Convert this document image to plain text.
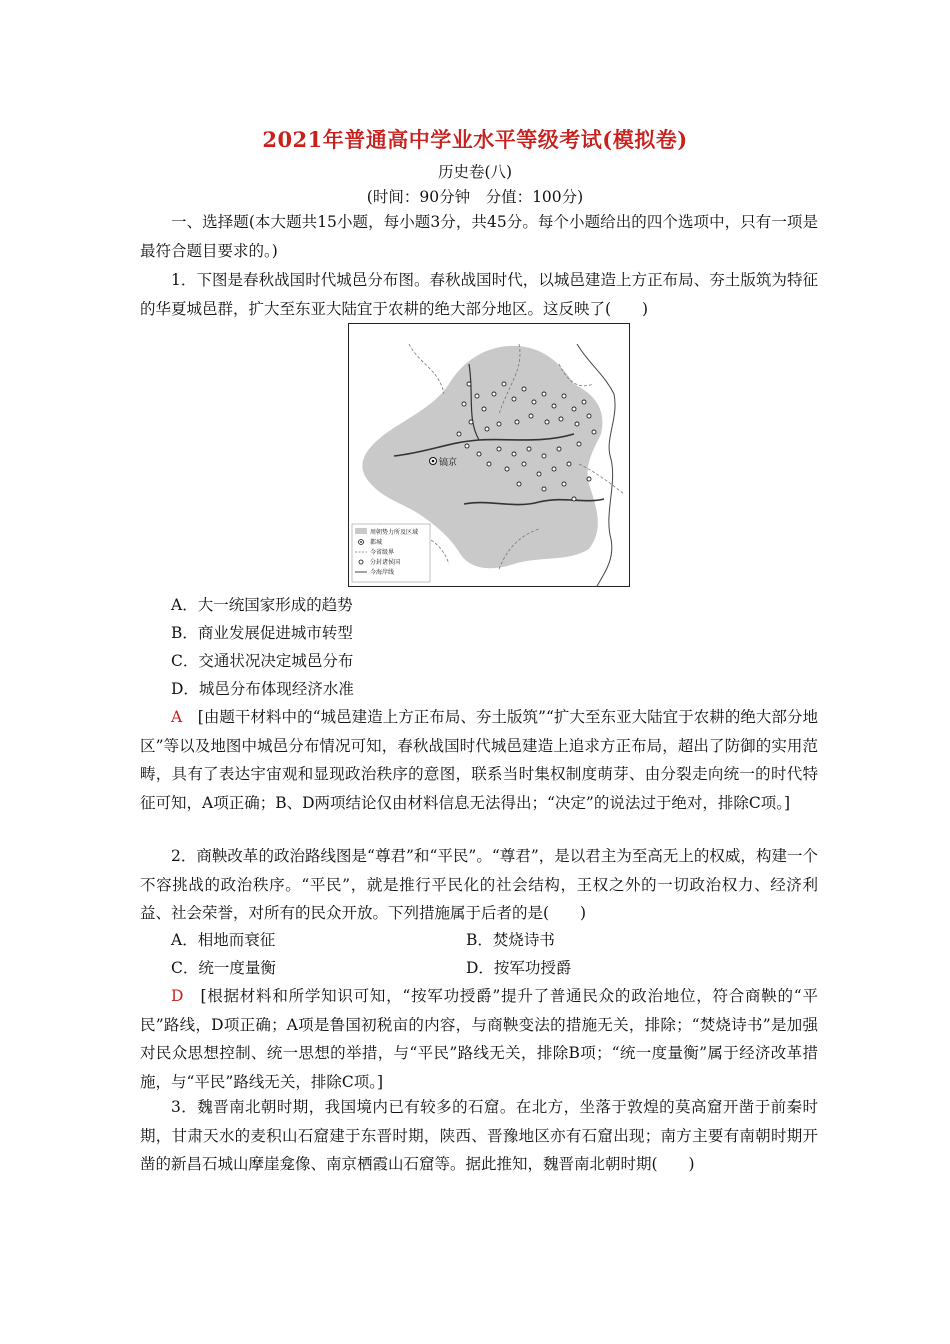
2021年普通高中学业水平等级考试(模拟卷)
历史卷(八)
(时间：90分钟　分值：100分)
一、选择题(本大题共15小题，每小题3分，共45分。每个小题给出的四个选项中，只有一项是最符合题目要求的。)
1．下图是春秋战国时代城邑分布图。春秋战国时代，以城邑建造上方正布局、夯土版筑为特征的华夏城邑群，扩大至东亚大陆宜于农耕的绝大部分地区。这反映了(　　)
镐京
周朝势力所及区域
都城
今省级界
分封诸侯国
今海岸线
A．大一统国家形成的趋势
B．商业发展促进城市转型
C．交通状况决定城邑分布
D．城邑分布体现经济水准
A　[由题干材料中的“城邑建造上方正布局、夯土版筑”“扩大至东亚大陆宜于农耕的绝大部分地区”等以及地图中城邑分布情况可知，春秋战国时代城邑建造上追求方正布局，超出了防御的实用范畴，具有了表达宇宙观和显现政治秩序的意图，联系当时集权制度萌芽、由分裂走向统一的时代特征可知，A项正确；B、D两项结论仅由材料信息无法得出；“决定”的说法过于绝对，排除C项。]
2．商鞅改革的政治路线图是“尊君”和“平民”。“尊君”，是以君主为至高无上的权威，构建一个不容挑战的政治秩序。“平民”，就是推行平民化的社会结构，王权之外的一切政治权力、经济利益、社会荣誉，对所有的民众开放。下列措施属于后者的是(　　)
A．相地而衰征	B．焚烧诗书
C．统一度量衡	D．按军功授爵
D　[根据材料和所学知识可知，“按军功授爵”提升了普通民众的政治地位，符合商鞅的“平民”路线，D项正确；A项是鲁国初税亩的内容，与商鞅变法的措施无关，排除；“焚烧诗书”是加强对民众思想控制、统一思想的举措，与“平民”路线无关，排除B项；“统一度量衡”属于经济改革措施，与“平民”路线无关，排除C项。]
3．魏晋南北朝时期，我国境内已有较多的石窟。在北方，坐落于敦煌的莫高窟开凿于前秦时期，甘肃天水的麦积山石窟建于东晋时期，陕西、晋豫地区亦有石窟出现；南方主要有南朝时期开凿的新昌石城山摩崖龛像、南京栖霞山石窟等。据此推知，魏晋南北朝时期(　　)
